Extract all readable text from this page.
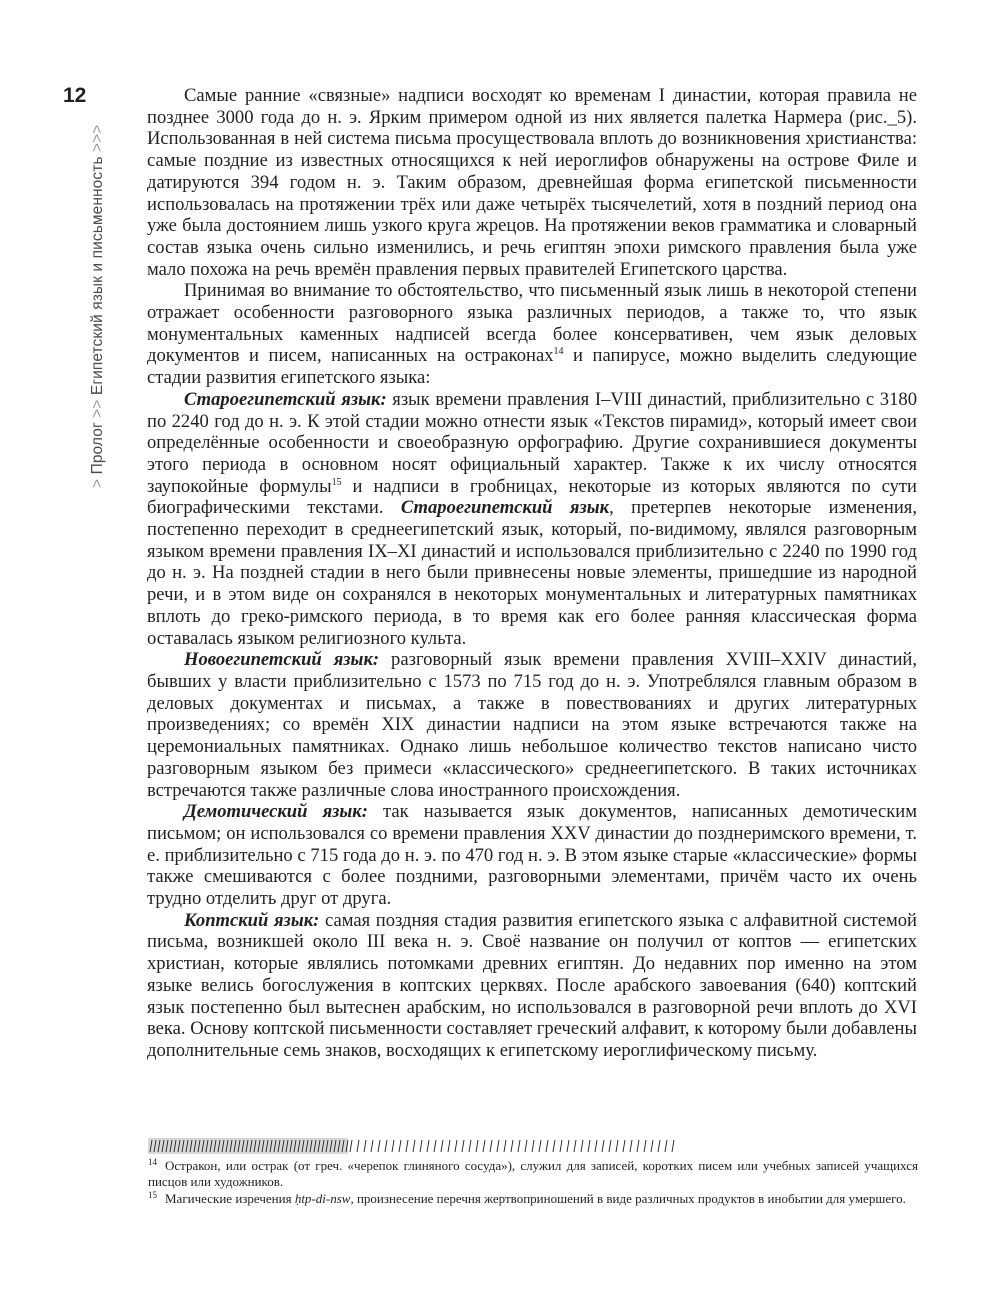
12
> Пролог >> Египетский язык и письменность >>>

Самые ранние «связные» надписи восходят ко временам I династии, которая правила не позднее 3000 года до н. э. Ярким примером одной из них является палетка Нармера (рис._5). Использованная в ней система письма просуществовала вплоть до возникновения христианства: самые поздние из известных относящихся к ней иероглифов обнаружены на острове Филе и датируются 394 годом н. э. Таким образом, древнейшая форма египетской письменности использовалась на протяжении трёх или даже четырёх тысячелетий, хотя в поздний период она уже была достоянием лишь узкого круга жрецов. На протяжении веков грамматика и словарный состав языка очень сильно изменились, и речь египтян эпохи римского правления была уже мало похожа на речь времён правления первых правителей Египетского царства.

Принимая во внимание то обстоятельство, что письменный язык лишь в некоторой степени отражает особенности разговорного языка различных периодов, а также то, что язык монументальных каменных надписей всегда более консервативен, чем язык деловых документов и писем, написанных на остраконах$^{14}$ и папирусе, можно выделить следующие стадии развития египетского языка:

Староегипетский язык: язык времени правления I–VIII династий, приблизительно с 3180 по 2240 год до н. э. К этой стадии можно отнести язык «Текстов пирамид», который имеет свои определённые особенности и своеобразную орфографию. Другие сохранившиеся документы этого периода в основном носят официальный характер. Также к их числу относятся заупокойные формулы$^{15}$ и надписи в гробницах, некоторые из которых являются по сути биографическими текстами. Староегипетский язык, претерпев некоторые изменения, постепенно переходит в среднеегипетский язык, который, по-видимому, являлся разговорным языком времени правления IX–XI династий и использовался приблизительно с 2240 по 1990 год до н. э. На поздней стадии в него были привнесены новые элементы, пришедшие из народной речи, и в этом виде он сохранялся в некоторых монументальных и литературных памятниках вплоть до греко-римского периода, в то время как его более ранняя классическая форма оставалась языком религиозного культа.

Новоегипетский язык: разговорный язык времени правления XVIII–XXIV династий, бывших у власти приблизительно с 1573 по 715 год до н. э. Употреблялся главным образом в деловых документах и письмах, а также в повествованиях и других литературных произведениях; со времён XIX династии надписи на этом языке встречаются также на церемониальных памятниках. Однако лишь небольшое количество текстов написано чисто разговорным языком без примеси «классического» среднеегипетского. В таких источниках встречаются также различные слова иностранного происхождения.

Демотический язык: так называется язык документов, написанных демотическим письмом; он использовался со времени правления XXV династии до позднеримского времени, т. е. приблизительно с 715 года до н. э. по 470 год н. э. В этом языке старые «классические» формы также смешиваются с более поздними, разговорными элементами, причём часто их очень трудно отделить друг от друга.

Коптский язык: самая поздняя стадия развития египетского языка с алфавитной системой письма, возникшей около III века н. э. Своё название он получил от коптов — египетских христиан, которые являлись потомками древних египтян. До недавних пор именно на этом языке велись богослужения в коптских церквях. После арабского завоевания (640) коптский язык постепенно был вытеснен арабским, но использовался в разговорной речи вплоть до XVI века. Основу коптской письменности составляет греческий алфавит, к которому были добавлены дополнительные семь знаков, восходящих к египетскому иероглифическому письму.

$^{14}$ Остракон, или острак (от греч. «черепок глиняного сосуда»), служил для записей, коротких писем или учебных записей учащихся писцов или художников.

$^{15}$ Магические изречения ḥtp-di-nsw, произнесение перечня жертвоприношений в виде различных продуктов в инобытии для умершего.
